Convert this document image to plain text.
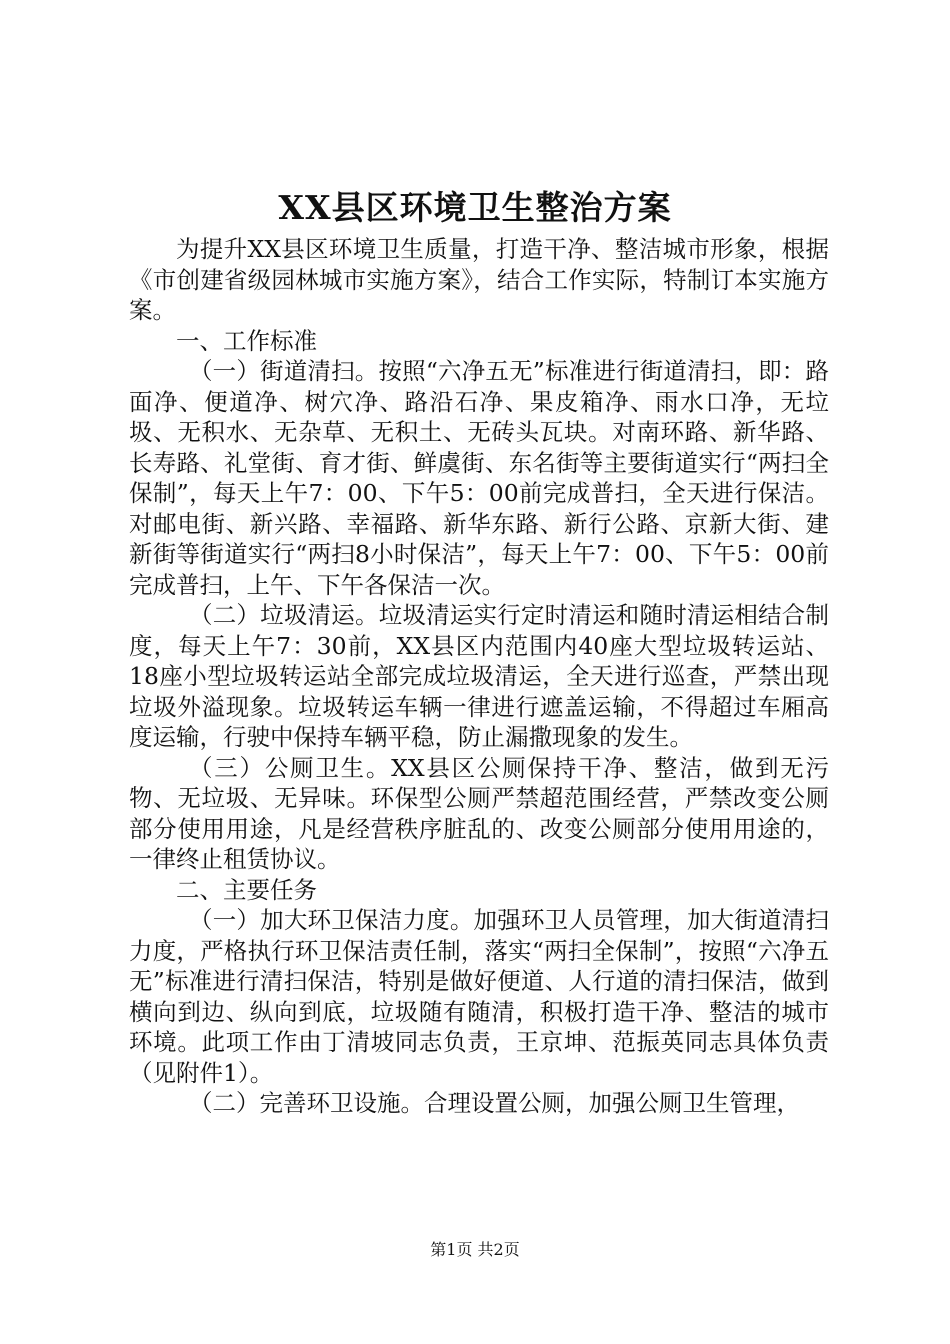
XX县区环境卫生整治方案

为提升XX县区环境卫生质量，打造干净、整洁城市形象，根据《市创建省级园林城市实施方案》，结合工作实际，特制订本实施方案。

一、工作标准

（一）街道清扫。按照“六净五无”标准进行街道清扫，即：路面净、便道净、树穴净、路沿石净、果皮箱净、雨水口净，无垃圾、无积水、无杂草、无积土、无砖头瓦块。对南环路、新华路、长寿路、礼堂街、育才街、鲜虞街、东名街等主要街道实行“两扫全保制”，每天上午7：00、下午5：00前完成普扫，全天进行保洁。对邮电街、新兴路、幸福路、新华东路、新行公路、京新大街、建新街等街道实行“两扫8小时保洁”，每天上午7：00、下午5：00前完成普扫，上午、下午各保洁一次。

（二）垃圾清运。垃圾清运实行定时清运和随时清运相结合制度，每天上午7：30前，XX县区内范围内40座大型垃圾转运站、18座小型垃圾转运站全部完成垃圾清运，全天进行巡查，严禁出现垃圾外溢现象。垃圾转运车辆一律进行遮盖运输，不得超过车厢高度运输，行驶中保持车辆平稳，防止漏撒现象的发生。

（三）公厕卫生。XX县区公厕保持干净、整洁，做到无污物、无垃圾、无异味。环保型公厕严禁超范围经营，严禁改变公厕部分使用用途，凡是经营秩序脏乱的、改变公厕部分使用用途的，一律终止租赁协议。

二、主要任务

（一）加大环卫保洁力度。加强环卫人员管理，加大街道清扫力度，严格执行环卫保洁责任制，落实“两扫全保制”，按照“六净五无”标准进行清扫保洁，特别是做好便道、人行道的清扫保洁，做到横向到边、纵向到底，垃圾随有随清，积极打造干净、整洁的城市环境。此项工作由丁清坡同志负责，王京坤、范振英同志具体负责（见附件1）。

（二）完善环卫设施。合理设置公厕，加强公厕卫生管理，

第1页 共2页
